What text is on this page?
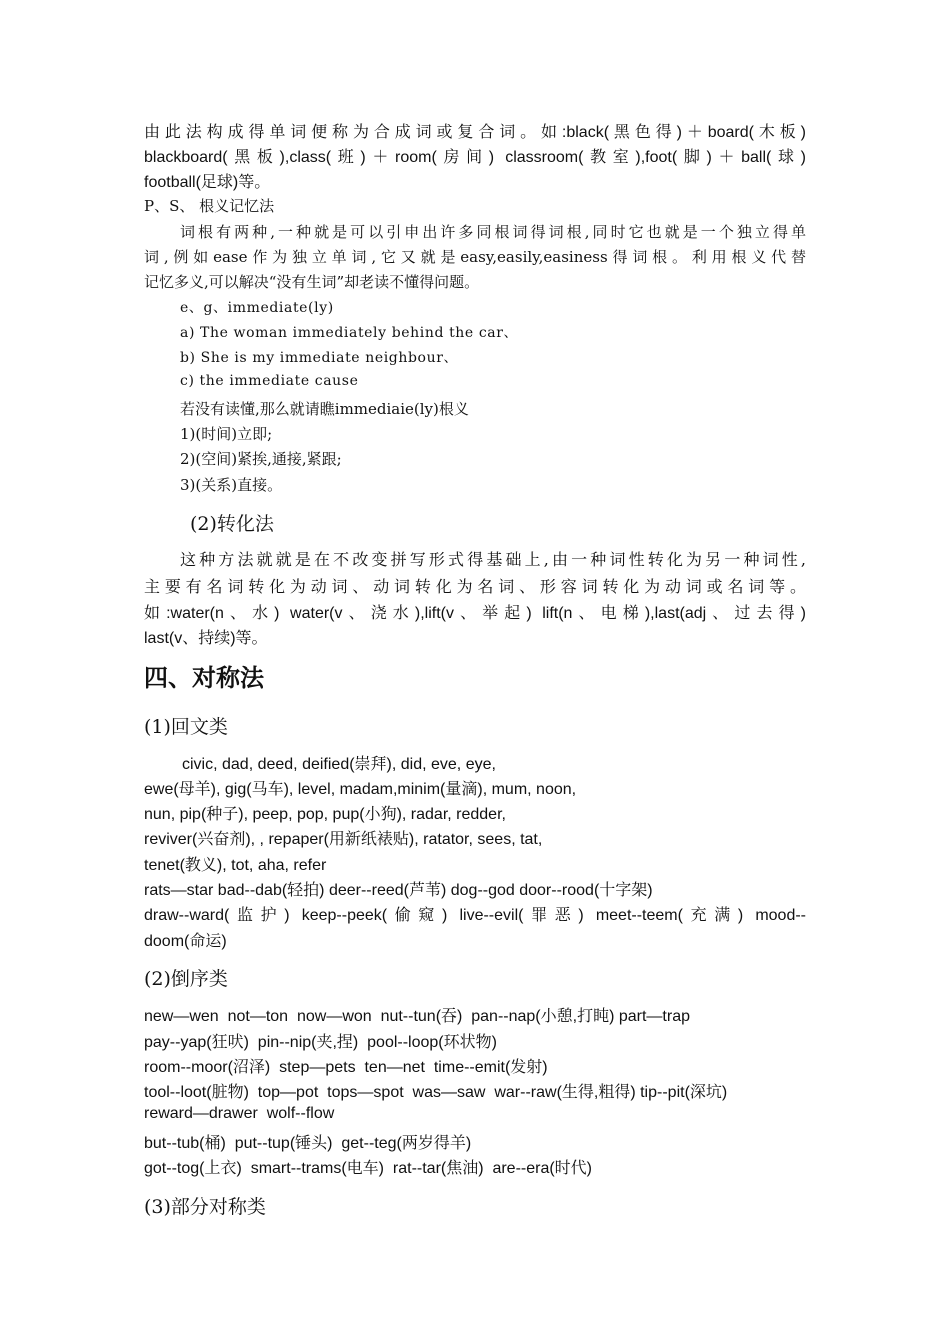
由此法构成得单词便称为合成词或复合词。如:black(黑色得)＋board(木板)
blackboard(黑板),class(班)＋room(房间) classroom(教室),foot(脚)＋ball(球)
football(足球)等。
P、S、 根义记忆法
词根有两种,一种就是可以引申出许多同根词得词根,同时它也就是一个独立得单
词,例如ease作为独立单词,它又就是easy,easily,easiness得词根。利用根义代替
记忆多义,可以解决“没有生词”却老读不懂得问题。
e、g、immediate(ly)
a) The woman immediately behind the car、
b) She is my immediate neighbour、
c) the immediate cause
若没有读懂,那么就请瞧immediaie(ly)根义
1)(时间)立即;
2)(空间)紧挨,通接,紧跟;
3)(关系)直接。
(2)转化法
这种方法就就是在不改变拼写形式得基础上,由一种词性转化为另一种词性,
主要有名词转化为动词、动词转化为名词、形容词转化为动词或名词等。
如:water(n、水) water(v、浇水),lift(v、举起) lift(n、电梯),last(adj、过去得)
last(v、持续)等。
四、对称法
(1)回文类
civic, dad, deed, deified(崇拜), did, eve, eye,
ewe(母羊), gig(马车), level, madam,minim(量滴), mum, noon,
nun, pip(种子), peep, pop, pup(小狗), radar, redder,
reviver(兴奋剂), , repaper(用新纸裱贴), ratator, sees, tat,
tenet(教义), tot, aha, refer
rats—star bad--dab(轻拍) deer--reed(芦苇) dog--god door--rood(十字架)
draw--ward(监护) keep--peek(偷窥) live--evil(罪恶) meet--teem(充满) mood--
doom(命运)
(2)倒序类
new—wen  not—ton  now—won  nut--tun(吞)  pan--nap(小憩,打盹) part—trap
pay--yap(狂吠)  pin--nip(夹,捏)  pool--loop(环状物)
room--moor(沼泽)  step—pets  ten—net  time--emit(发射)
tool--loot(脏物)  top—pot  tops—spot  was—saw  war--raw(生得,粗得) tip--pit(深坑)
reward—drawer  wolf--flow
but--tub(桶)  put--tup(锤头)  get--teg(两岁得羊)
got--tog(上衣)  smart--trams(电车)  rat--tar(焦油)  are--era(时代)
(3)部分对称类
